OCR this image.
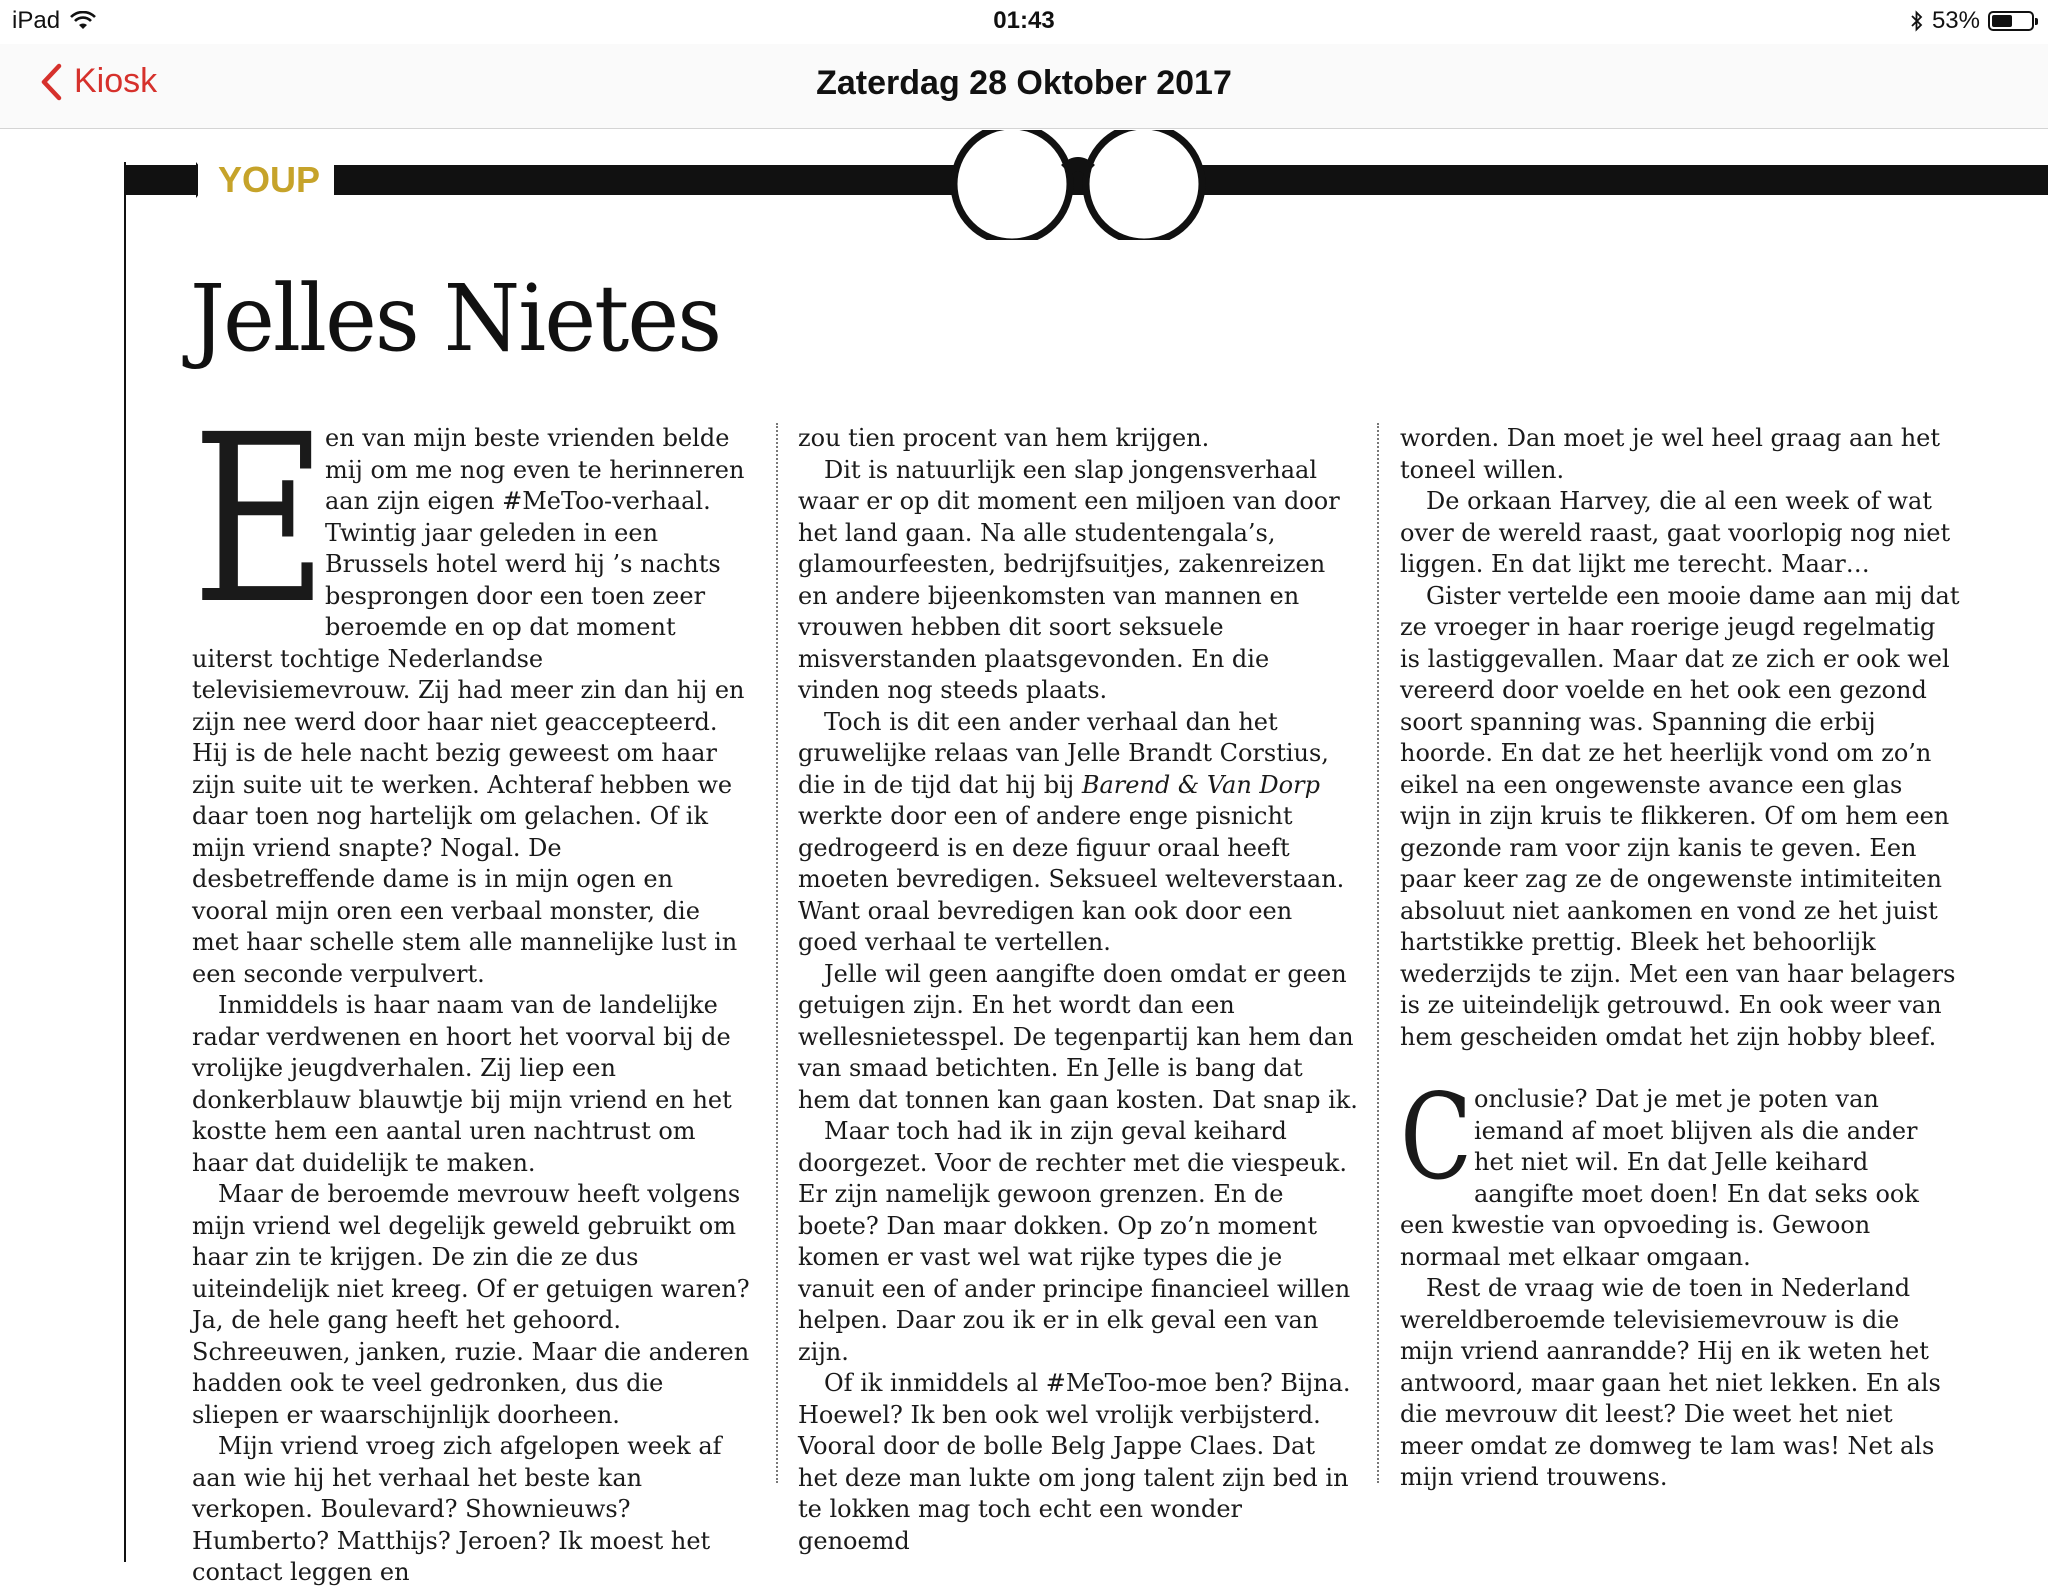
iPad	01:43	53%
Kiosk	Zaterdag 28 Oktober 2017
YOUP
Jelles Nietes

E
en van mijn beste vrienden belde mij om me nog even te herinneren aan zijn eigen #MeToo-verhaal. Twintig jaar geleden in een Brussels hotel werd hij ’s nachts besprongen door een toen zeer beroemde en op dat moment uiterst tochtige Nederlandse televisiemevrouw. Zij had meer zin dan hij en zijn nee werd door haar niet geaccepteerd. Hij is de hele nacht bezig geweest om haar zijn suite uit te werken. Achteraf hebben we daar toen nog hartelijk om gelachen. Of ik mijn vriend snapte? Nogal. De desbetreffende dame is in mijn ogen en vooral mijn oren een verbaal monster, die met haar schelle stem alle mannelijke lust in een seconde verpulvert.

Inmiddels is haar naam van de landelijke radar verdwenen en hoort het voorval bij de vrolijke jeugdverhalen. Zij liep een donkerblauw blauwtje bij mijn vriend en het kostte hem een aantal uren nachtrust om haar dat duidelijk te maken.

Maar de beroemde mevrouw heeft volgens mijn vriend wel degelijk geweld gebruikt om haar zin te krijgen. De zin die ze dus uiteindelijk niet kreeg. Of er getuigen waren? Ja, de hele gang heeft het gehoord. Schreeuwen, janken, ruzie. Maar die anderen hadden ook te veel gedronken, dus die sliepen er waarschijnlijk doorheen.

Mijn vriend vroeg zich afgelopen week af aan wie hij het verhaal het beste kan verkopen. Boulevard? Shownieuws? Humberto? Matthijs? Jeroen? Ik moest het contact leggen en

zou tien procent van hem krijgen.

Dit is natuurlijk een slap jongensverhaal waar er op dit moment een miljoen van door het land gaan. Na alle studentengala’s, glamourfeesten, bedrijfsuitjes, zakenreizen en andere bijeenkomsten van mannen en vrouwen hebben dit soort seksuele misverstanden plaatsgevonden. En die vinden nog steeds plaats.

Toch is dit een ander verhaal dan het gruwelijke relaas van Jelle Brandt Corstius, die in de tijd dat hij bij Barend & Van Dorp werkte door een of andere enge pisnicht gedrogeerd is en deze figuur oraal heeft moeten bevredigen. Seksueel welteverstaan. Want oraal bevredigen kan ook door een goed verhaal te vertellen.

Jelle wil geen aangifte doen omdat er geen getuigen zijn. En het wordt dan een wellesnietesspel. De tegenpartij kan hem dan van smaad betichten. En Jelle is bang dat hem dat tonnen kan gaan kosten. Dat snap ik.

Maar toch had ik in zijn geval keihard doorgezet. Voor de rechter met die viespeuk. Er zijn namelijk gewoon grenzen. En de boete? Dan maar dokken. Op zo’n moment komen er vast wel wat rijke types die je vanuit een of ander principe financieel willen helpen. Daar zou ik er in elk geval een van zijn.

Of ik inmiddels al #MeToo-moe ben? Bijna. Hoewel? Ik ben ook wel vrolijk verbijsterd. Vooral door de bolle Belg Jappe Claes. Dat het deze man lukte om jong talent zijn bed in te lokken mag toch echt een wonder genoemd

worden. Dan moet je wel heel graag aan het toneel willen.

De orkaan Harvey, die al een week of wat over de wereld raast, gaat voorlopig nog niet liggen. En dat lijkt me terecht. Maar…

Gister vertelde een mooie dame aan mij dat ze vroeger in haar roerige jeugd regelmatig is lastiggevallen. Maar dat ze zich er ook wel vereerd door voelde en het ook een gezond soort spanning was. Spanning die erbij hoorde. En dat ze het heerlijk vond om zo’n eikel na een ongewenste avance een glas wijn in zijn kruis te flikkeren. Of om hem een gezonde ram voor zijn kanis te geven. Een paar keer zag ze de ongewenste intimiteiten absoluut niet aankomen en vond ze het juist hartstikke prettig. Bleek het behoorlijk wederzijds te zijn. Met een van haar belagers is ze uiteindelijk getrouwd. En ook weer van hem gescheiden omdat het zijn hobby bleef.

Conclusie? Dat je met je poten van iemand af moet blijven als die ander het niet wil. En dat Jelle keihard aangifte moet doen! En dat seks ook een kwestie van opvoeding is. Gewoon normaal met elkaar omgaan.

Rest de vraag wie de toen in Nederland wereldberoemde televisiemevrouw is die mijn vriend aanrandde? Hij en ik weten het antwoord, maar gaan het niet lekken. En als die mevrouw dit leest? Die weet het niet meer omdat ze domweg te lam was! Net als mijn vriend trouwens.
